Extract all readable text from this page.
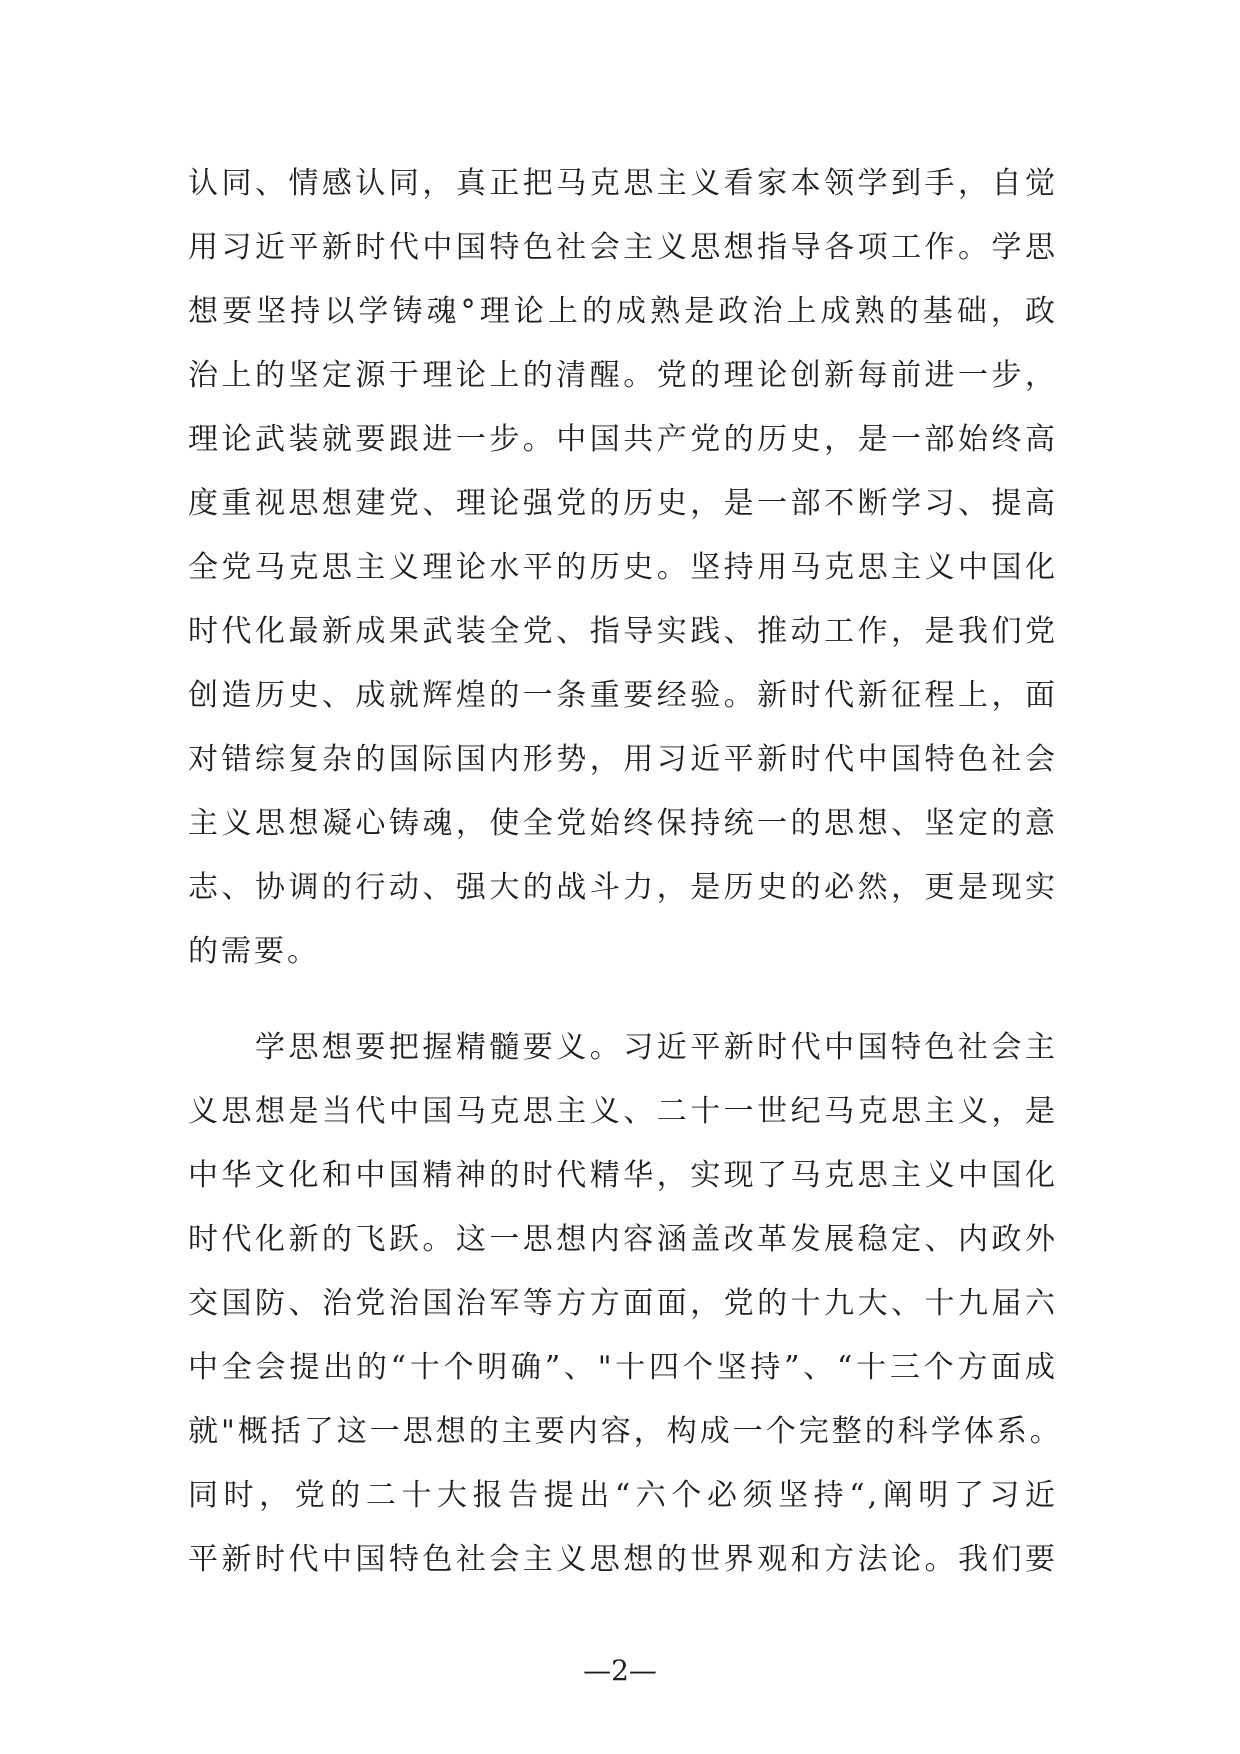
认同、情感认同，真正把马克思主义看家本领学到手，自觉
用习近平新时代中国特色社会主义思想指导各项工作。学思
想要坚持以学铸魂°理论上的成熟是政治上成熟的基础，政
治上的坚定源于理论上的清醒。党的理论创新每前进一步，
理论武装就要跟进一步。中国共产党的历史，是一部始终高
度重视思想建党、理论强党的历史，是一部不断学习、提高
全党马克思主义理论水平的历史。坚持用马克思主义中国化
时代化最新成果武装全党、指导实践、推动工作，是我们党
创造历史、成就辉煌的一条重要经验。新时代新征程上，面
对错综复杂的国际国内形势，用习近平新时代中国特色社会
主义思想凝心铸魂，使全党始终保持统一的思想、坚定的意
志、协调的行动、强大的战斗力，是历史的必然，更是现实
的需要。
　　学思想要把握精髓要义。习近平新时代中国特色社会主
义思想是当代中国马克思主义、二十一世纪马克思主义，是
中华文化和中国精神的时代精华，实现了马克思主义中国化
时代化新的飞跃。这一思想内容涵盖改革发展稳定、内政外
交国防、治党治国治军等方方面面，党的十九大、十九届六
中全会提出的“十个明确”、"十四个坚持”、“十三个方面成
就"概括了这一思想的主要内容，构成一个完整的科学体系。
同时，党的二十大报告提出“六个必须坚持“,阐明了习近
平新时代中国特色社会主义思想的世界观和方法论。我们要
—2—
